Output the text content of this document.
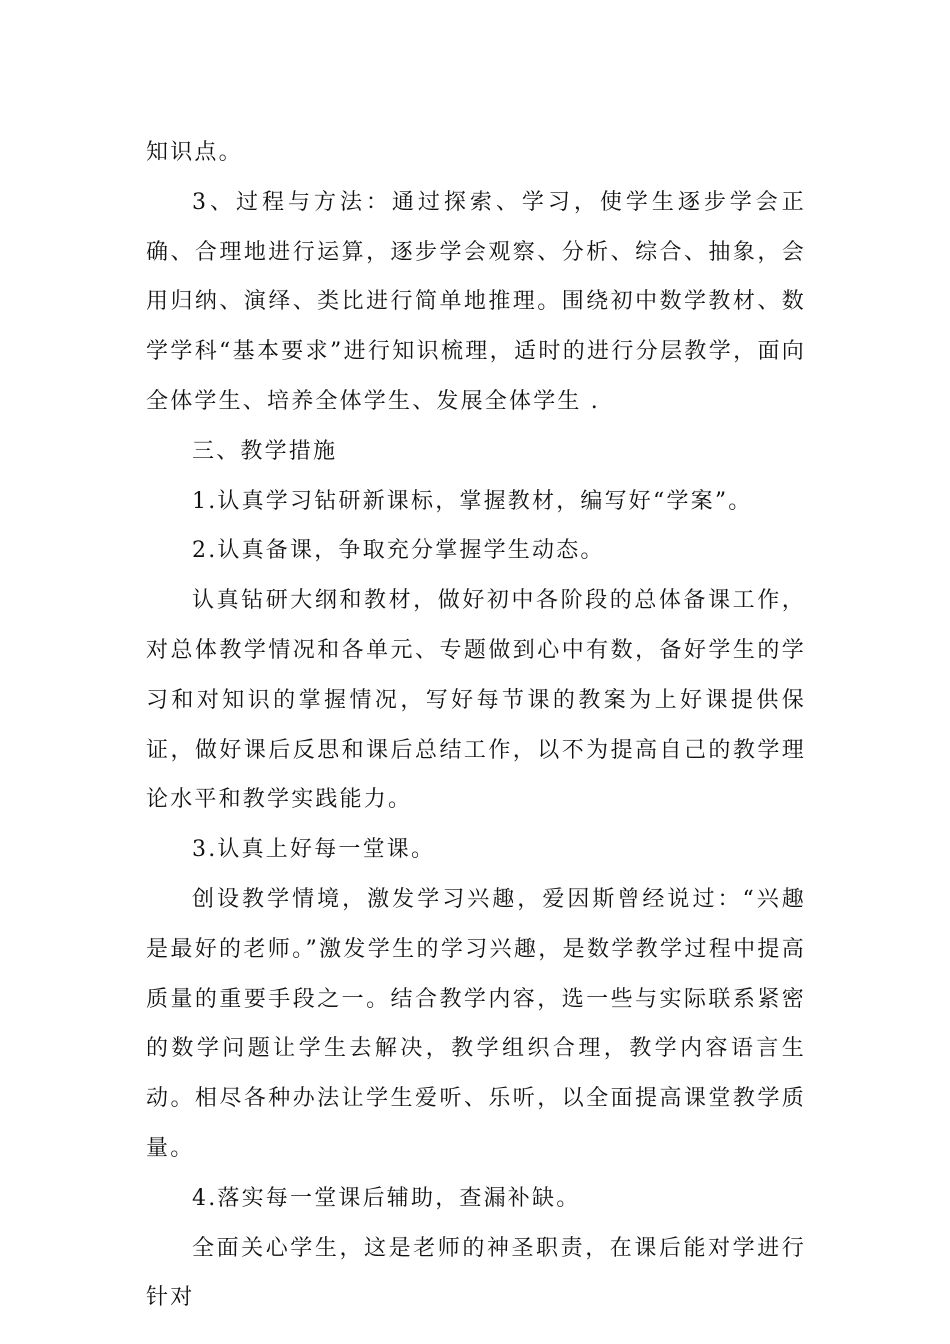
知识点。

3、过程与方法：通过探索、学习，使学生逐步学会正确、合理地进行运算，逐步学会观察、分析、综合、抽象，会用归纳、演绎、类比进行简单地推理。围绕初中数学教材、数学学科“基本要求”进行知识梳理，适时的进行分层教学，面向全体学生、培养全体学生、发展全体学生 .

三、教学措施

1.认真学习钻研新课标，掌握教材，编写好“学案”。

2.认真备课，争取充分掌握学生动态。

认真钻研大纲和教材，做好初中各阶段的总体备课工作，对总体教学情况和各单元、专题做到心中有数，备好学生的学习和对知识的掌握情况，写好每节课的教案为上好课提供保证，做好课后反思和课后总结工作，以不为提高自己的教学理论水平和教学实践能力。

3.认真上好每一堂课。

创设教学情境，激发学习兴趣，爱因斯曾经说过：“兴趣是最好的老师。”激发学生的学习兴趣，是数学教学过程中提高质量的重要手段之一。结合教学内容，选一些与实际联系紧密的数学问题让学生去解决，教学组织合理，教学内容语言生动。相尽各种办法让学生爱听、乐听，以全面提高课堂教学质量。

4.落实每一堂课后辅助，查漏补缺。

全面关心学生，这是老师的神圣职责，在课后能对学进行针对
